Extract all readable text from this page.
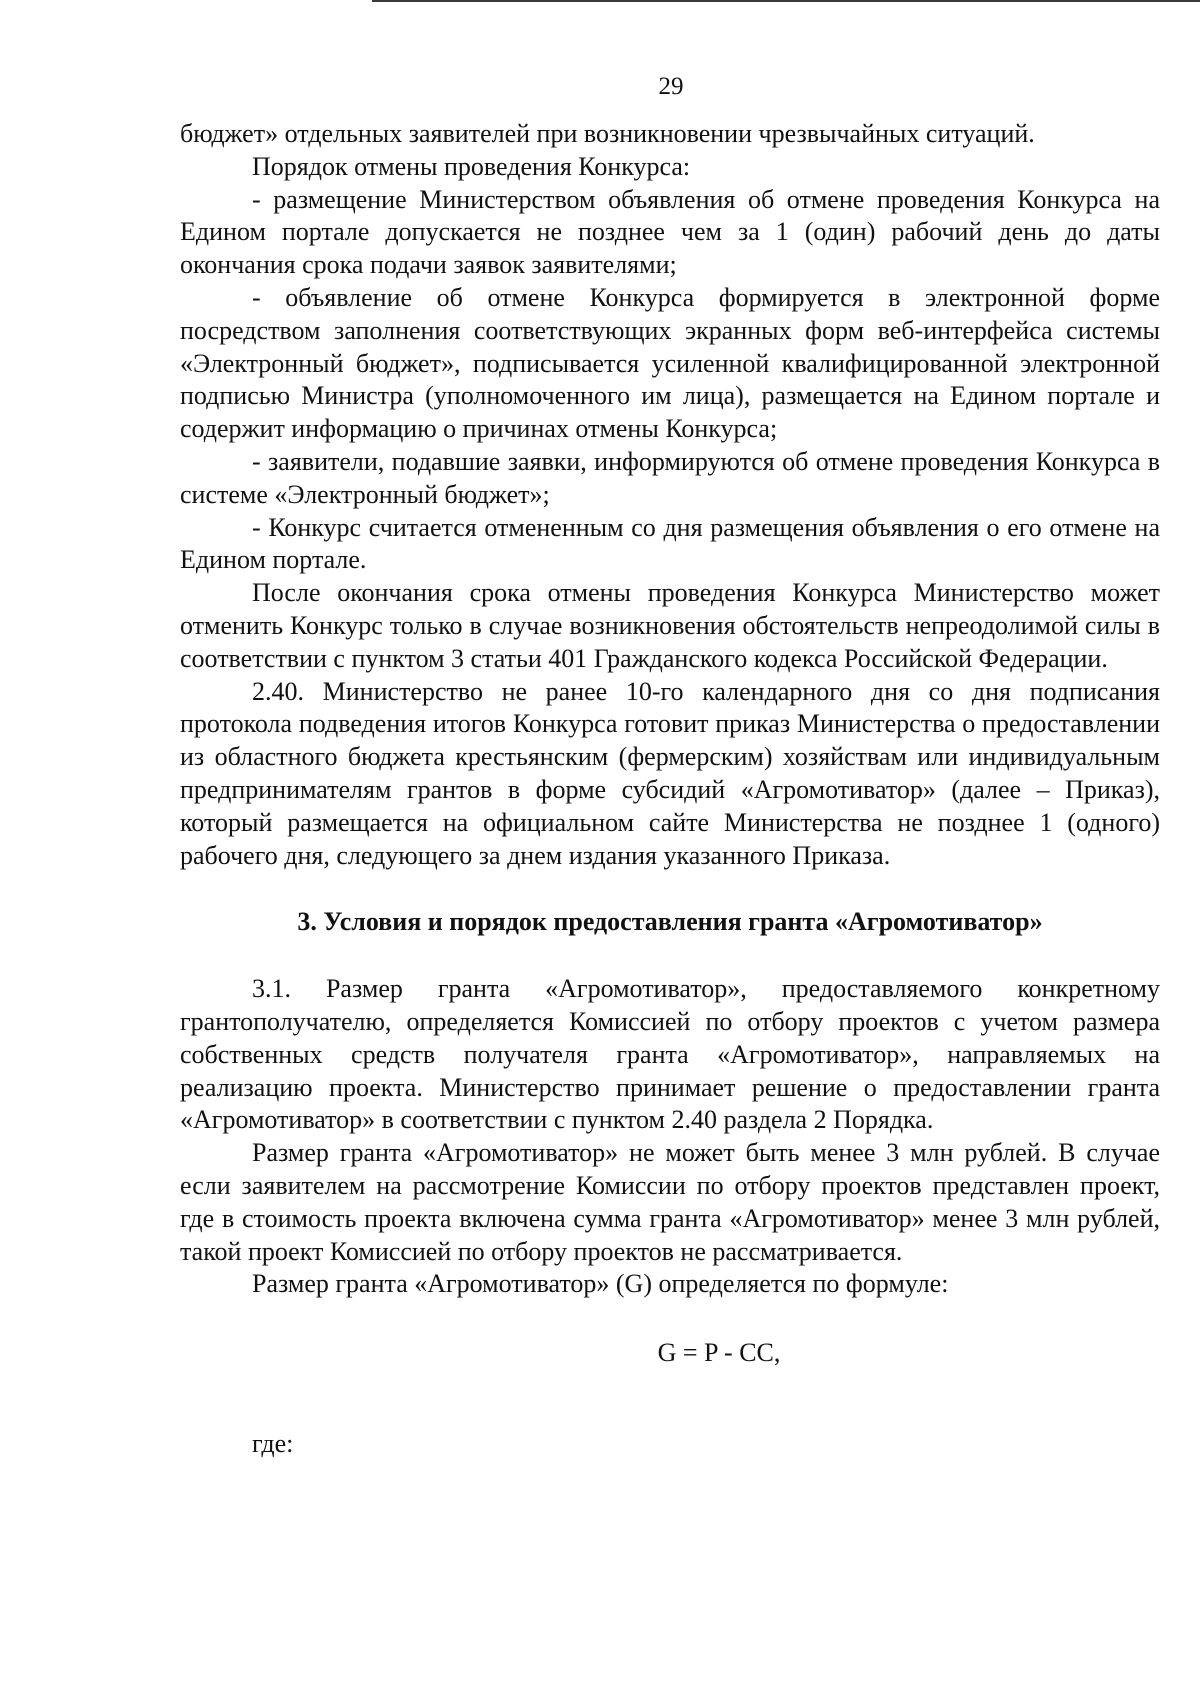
29

бюджет» отдельных заявителей при возникновении чрезвычайных ситуаций.

Порядок отмены проведения Конкурса:

- размещение Министерством объявления об отмене проведения Конкурса на Едином портале допускается не позднее чем за 1 (один) рабочий день до даты окончания срока подачи заявок заявителями;

- объявление об отмене Конкурса формируется в электронной форме посредством заполнения соответствующих экранных форм веб-интерфейса системы «Электронный бюджет», подписывается усиленной квалифицированной электронной подписью Министра (уполномоченного им лица), размещается на Едином портале и содержит информацию о причинах отмены Конкурса;

- заявители, подавшие заявки, информируются об отмене проведения Конкурса в системе «Электронный бюджет»;

- Конкурс считается отмененным со дня размещения объявления о его отмене на Едином портале.

После окончания срока отмены проведения Конкурса Министерство может отменить Конкурс только в случае возникновения обстоятельств непреодолимой силы в соответствии с пунктом 3 статьи 401 Гражданского кодекса Российской Федерации.

2.40. Министерство не ранее 10-го календарного дня со дня подписания протокола подведения итогов Конкурса готовит приказ Министерства о предоставлении из областного бюджета крестьянским (фермерским) хозяйствам или индивидуальным предпринимателям грантов в форме субсидий «Агромотиватор» (далее – Приказ), который размещается на официальном сайте Министерства не позднее 1 (одного) рабочего дня, следующего за днем издания указанного Приказа.

3. Условия и порядок предоставления гранта «Агромотиватор»

3.1. Размер гранта «Агромотиватор», предоставляемого конкретному грантополучателю, определяется Комиссией по отбору проектов с учетом размера собственных средств получателя гранта «Агромотиватор», направляемых на реализацию проекта. Министерство принимает решение о предоставлении гранта «Агромотиватор» в соответствии с пунктом 2.40 раздела 2 Порядка.

Размер гранта «Агромотиватор» не может быть менее 3 млн рублей. В случае если заявителем на рассмотрение Комиссии по отбору проектов представлен проект, где в стоимость проекта включена сумма гранта «Агромотиватор» менее 3 млн рублей, такой проект Комиссией по отбору проектов не рассматривается.

Размер гранта «Агромотиватор» (G) определяется по формуле:

G = P - CC,

где:
